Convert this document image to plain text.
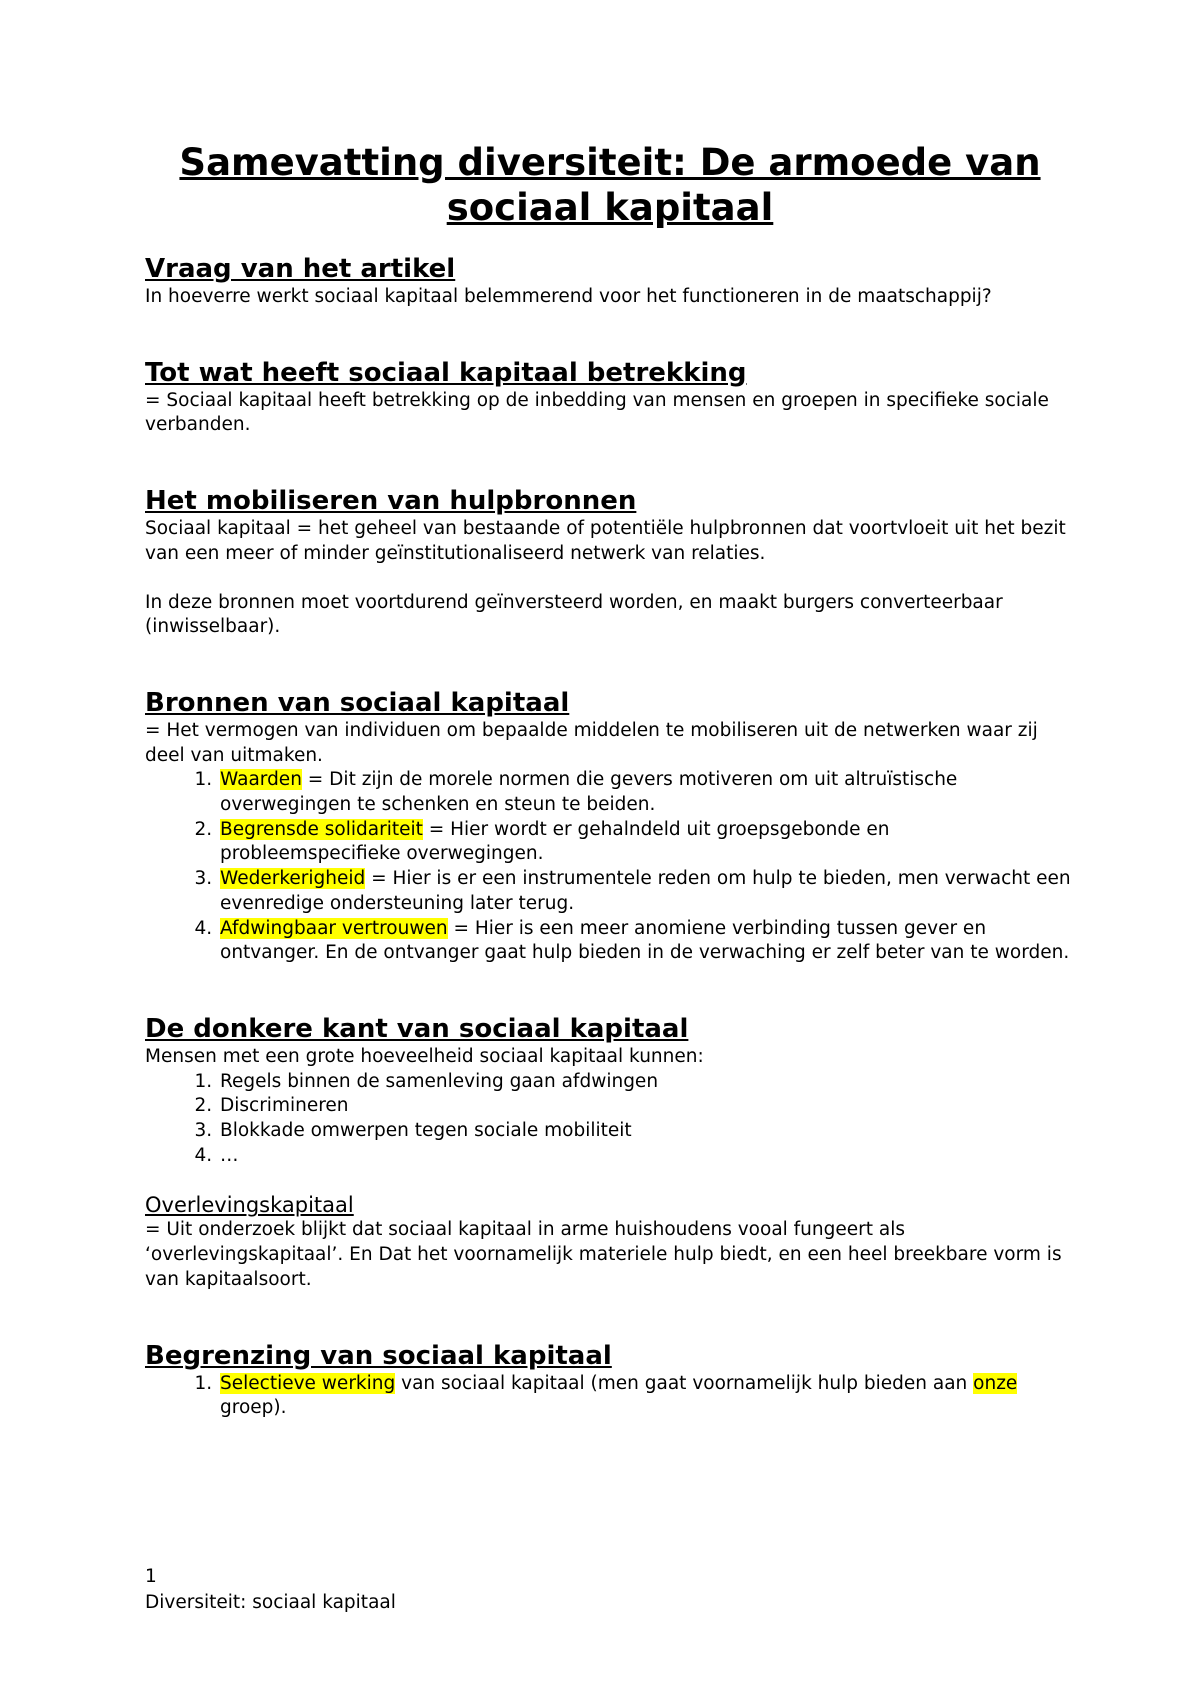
Samevatting diversiteit: De armoede van sociaal kapitaal
Vraag van het artikel

In hoeverre werkt sociaal kapitaal belemmerend voor het functioneren in de maatschappij?

Tot wat heeft sociaal kapitaal betrekking

= Sociaal kapitaal heeft betrekking op de inbedding van mensen en groepen in specifieke sociale verbanden.

Het mobiliseren van hulpbronnen

Sociaal kapitaal = het geheel van bestaande of potentiële hulpbronnen dat voortvloeit uit het bezit van een meer of minder geïnstitutionaliseerd netwerk van relaties.

In deze bronnen moet voortdurend geïnversteerd worden, en maakt burgers converteerbaar (inwisselbaar).

Bronnen van sociaal kapitaal

= Het vermogen van individuen om bepaalde middelen te mobiliseren uit de netwerken waar zij deel van uitmaken.

1. Waarden = Dit zijn de morele normen die gevers motiveren om uit altruïstische overwegingen te schenken en steun te beiden.
2. Begrensde solidariteit = Hier wordt er gehalndeld uit groepsgebonde en probleemspecifieke overwegingen.
3. Wederkerigheid = Hier is er een instrumentele reden om hulp te bieden, men verwacht een evenredige ondersteuning later terug.
4. Afdwingbaar vertrouwen = Hier is een meer anomiene verbinding tussen gever en ontvanger. En de ontvanger gaat hulp bieden in de verwaching er zelf beter van te worden.
De donkere kant van sociaal kapitaal

Mensen met een grote hoeveelheid sociaal kapitaal kunnen:

1. Regels binnen de samenleving gaan afdwingen
2. Discrimineren
3. Blokkade omwerpen tegen sociale mobiliteit
4. …
Overlevingskapitaal

= Uit onderzoek blijkt dat sociaal kapitaal in arme huishoudens vooal fungeert als ‘overlevingskapitaal’. En Dat het voornamelijk materiele hulp biedt, en een heel breekbare vorm is van kapitaalsoort.

Begrenzing van sociaal kapitaal
1. Selectieve werking van sociaal kapitaal (men gaat voornamelijk hulp bieden aan onze groep).
1
Diversiteit: sociaal kapitaal
